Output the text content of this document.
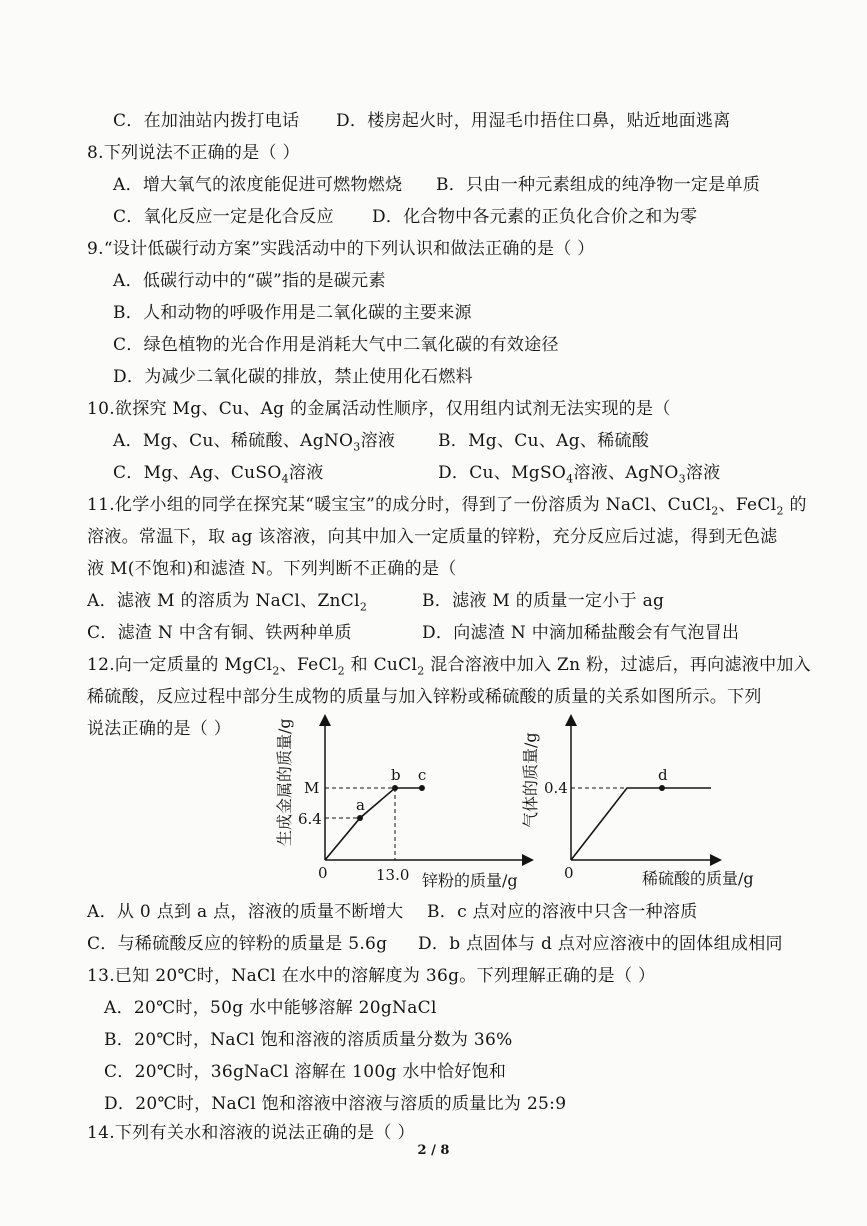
C．在加油站内拨打电话 D．楼房起火时，用湿毛巾捂住口鼻，贴近地面逃离
8.下列说法不正确的是（ ）
A．增大氧气的浓度能促进可燃物燃烧 B．只由一种元素组成的纯净物一定是单质
C．氧化反应一定是化合反应 D．化合物中各元素的正负化合价之和为零
9.“设计低碳行动方案”实践活动中的下列认识和做法正确的是（ ）
A．低碳行动中的“碳”指的是碳元素
B．人和动物的呼吸作用是二氧化碳的主要来源
C．绿色植物的光合作用是消耗大气中二氧化碳的有效途径
D．为减少二氧化碳的排放，禁止使用化石燃料
10.欲探究 Mg、Cu、Ag 的金属活动性顺序，仅用组内试剂无法实现的是（
A．Mg、Cu、稀硫酸、AgNO$_3$溶液	B．Mg、Cu、Ag、稀硫酸
C．Mg、Ag、CuSO$_4$溶液	D．Cu、MgSO$_4$溶液、AgNO$_3$溶液
11.化学小组的同学在探究某“暖宝宝”的成分时，得到了一份溶质为 NaCl、CuCl$_2$、FeCl$_2$ 的
溶液。常温下，取 ag 该溶液，向其中加入一定质量的锌粉，充分反应后过滤，得到无色滤
液 M(不饱和)和滤渣 N。下列判断不正确的是（
A．滤液 M 的溶质为 NaCl、ZnCl$_2$	B．滤液 M 的质量一定小于 ag
C．滤渣 N 中含有铜、铁两种单质	D．向滤渣 N 中滴加稀盐酸会有气泡冒出
12.向一定质量的 MgCl$_2$、FeCl$_2$ 和 CuCl$_2$ 混合溶液中加入 Zn 粉，过滤后，再向滤液中加入
稀硫酸，反应过程中部分生成物的质量与加入锌粉或稀硫酸的质量的关系如图所示。下列
说法正确的是（ ）	生成金属的质量/g
锌粉的质量/g
0
M
6.4
13.0
a
b c	气体的质量/g
稀硫酸的质量/g
0
0.4
d
A．从 0 点到 a 点，溶液的质量不断增大 B．c 点对应的溶液中只含一种溶质
C．与稀硫酸反应的锌粉的质量是 5.6g D．b 点固体与 d 点对应溶液中的固体组成相同
13.已知 20℃时，NaCl 在水中的溶解度为 36g。下列理解正确的是（ ）
A．20℃时，50g 水中能够溶解 20gNaCl
B．20℃时，NaCl 饱和溶液的溶质质量分数为 36%
C．20℃时，36gNaCl 溶解在 100g 水中恰好饱和
D．20℃时，NaCl 饱和溶液中溶液与溶质的质量比为 25:9
14.下列有关水和溶液的说法正确的是（ ）
2 / 8
